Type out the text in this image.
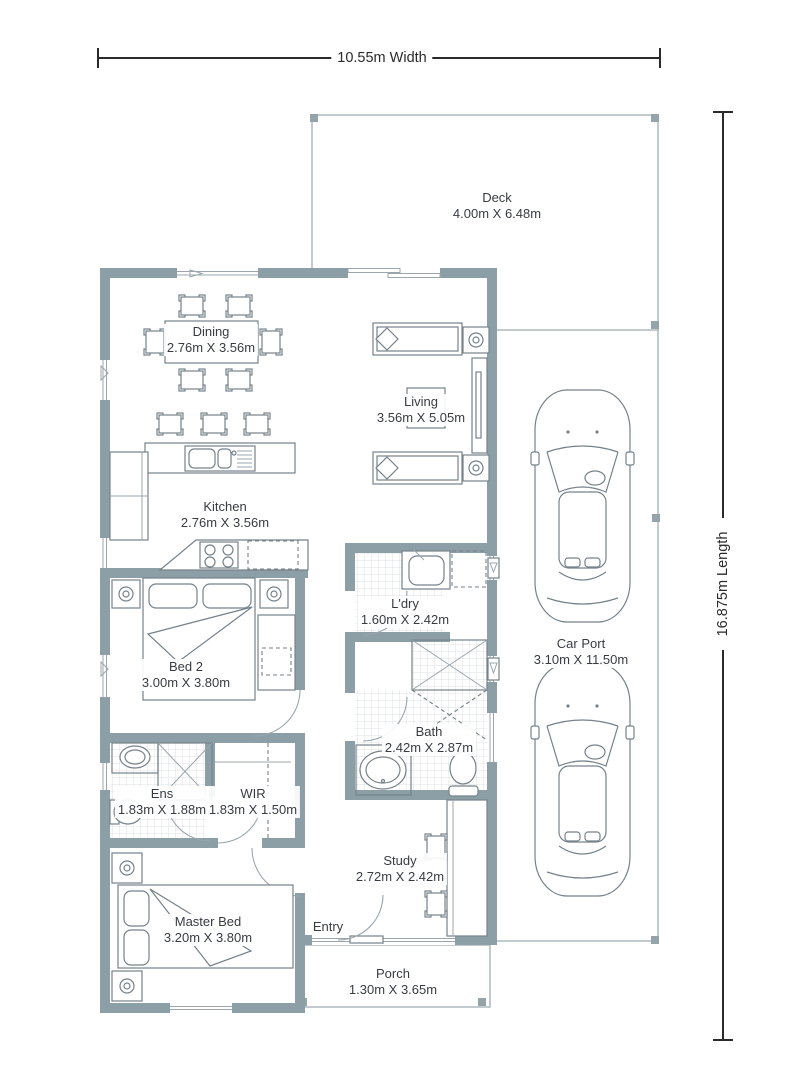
10.55m Width
16.875m Length
Deck
4.00m X 6.48m
Dining
2.76m X 3.56m
Living
3.56m X 5.05m
Kitchen
2.76m X 3.56m
L'dry
1.60m X 2.42m
Bed 2
3.00m X 3.80m
Bath
2.42m X 2.87m
Ens
1.83m X 1.88m
WIR
1.83m X 1.50m
Car Port
3.10m X 11.50m
Study
2.72m X 2.42m
Master Bed
3.20m X 3.80m
Entry
Porch
1.30m X 3.65m
